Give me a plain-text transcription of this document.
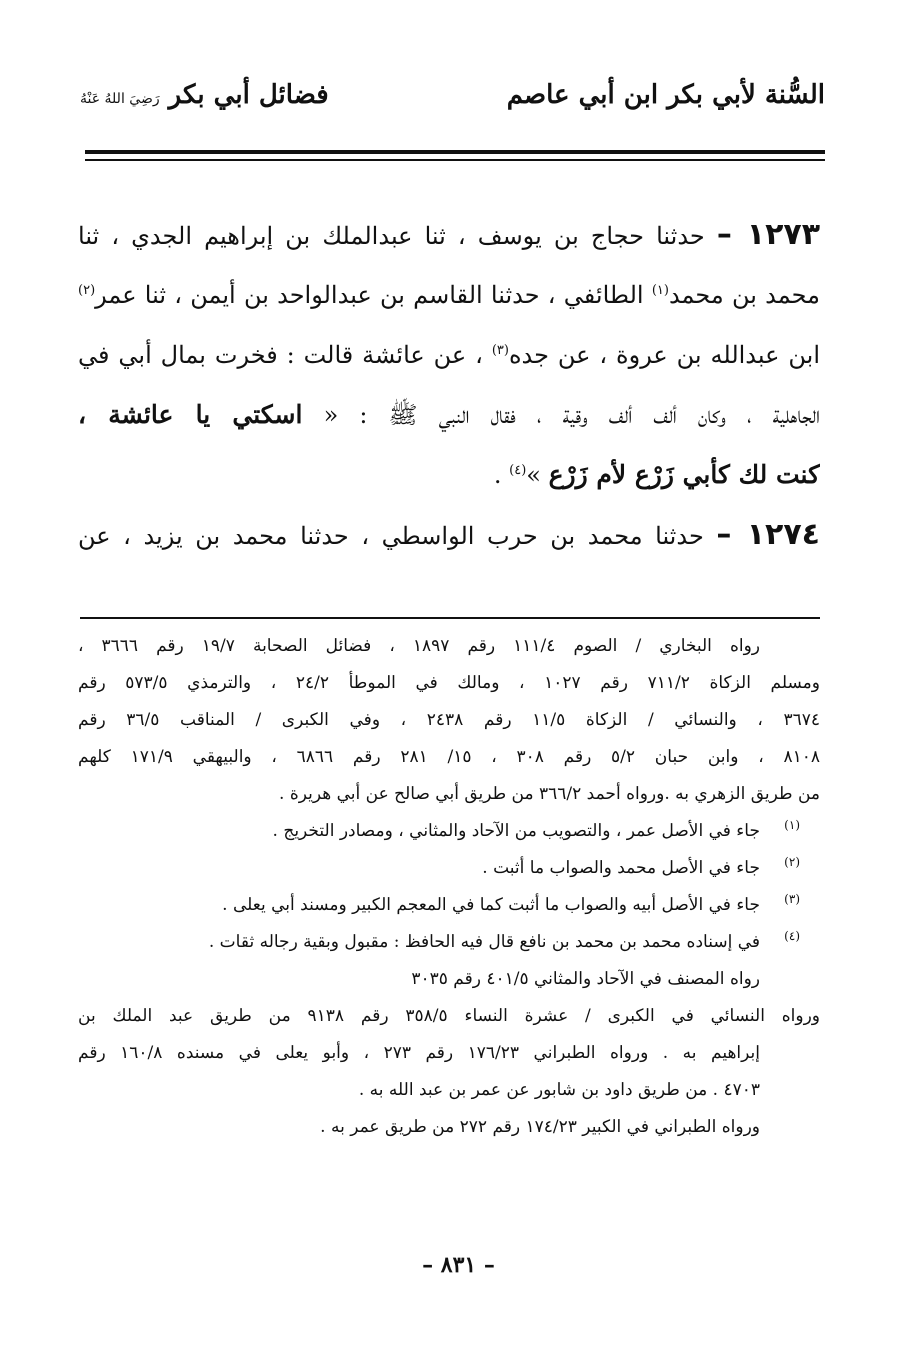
السُّنة لأبي بكر ابن أبي عاصم
فضائل أبي بكر رَضِيَ اللهُ عَنْهُ
١٢٧٣ – حدثنا حجاج بن يوسف ، ثنا عبدالملك بن إبراهيم الجدي ، ثنا
محمد بن محمد$^{(١)}$ الطائفي ، حدثنا القاسم بن عبدالواحد بن أيمن ، ثنا عمر$^{(٢)}$
ابن عبدالله بن عروة ، عن جده$^{(٣)}$ ، عن عائشة قالت : فخرت بمال أبي في
الجاهلية ، وكان ألف ألف وقية ، فقال النبي ﷺ : « اسكتي يا عائشة ،
كنت لك كأبي زَرْع لأم زَرْع »$^{(٤)}$ .
١٢٧٤ – حدثنا محمد بن حرب الواسطي ، حدثنا محمد بن يزيد ، عن
رواه البخاري / الصوم ١١١/٤ رقم ١٨٩٧ ، فضائل الصحابة ١٩/٧ رقم ٣٦٦٦ ،
ومسلم الزكاة ٧١١/٢ رقم ١٠٢٧ ، ومالك في الموطأ ٢٤/٢ ، والترمذي ٥٧٣/٥ رقم
٣٦٧٤ ، والنسائي / الزكاة ١١/٥ رقم ٢٤٣٨ ، وفي الكبرى / المناقب ٣٦/٥ رقم
٨١٠٨ ، وابن حبان ٥/٢ رقم ٣٠٨ ، ١٥/ ٢٨١ رقم ٦٨٦٦ ، والبيهقي ١٧١/٩ كلهم
من طريق الزهري به .ورواه أحمد ٣٦٦/٢ من طريق أبي صالح عن أبي هريرة .
(١)
جاء في الأصل عمر ، والتصويب من الآحاد والمثاني ، ومصادر التخريج .
(٢)
جاء في الأصل محمد والصواب ما أثبت .
(٣)
جاء في الأصل أبيه والصواب ما أثبت كما في المعجم الكبير ومسند أبي يعلى .
(٤)
في إسناده محمد بن محمد بن نافع قال فيه الحافظ : مقبول وبقية رجاله ثقات .
رواه المصنف في الآحاد والمثاني ٤٠١/٥ رقم ٣٠٣٥
ورواه النسائي في الكبرى / عشرة النساء ٣٥٨/٥ رقم ٩١٣٨ من طريق عبد الملك بن
إبراهيم به . ورواه الطبراني ١٧٦/٢٣ رقم ٢٧٣ ، وأبو يعلى في مسنده ١٦٠/٨ رقم
٤٧٠٣ . من طريق داود بن شابور عن عمر بن عبد الله به .
ورواه الطبراني في الكبير ١٧٤/٢٣ رقم ٢٧٢ من طريق عمر به .
– ٨٣١ –
